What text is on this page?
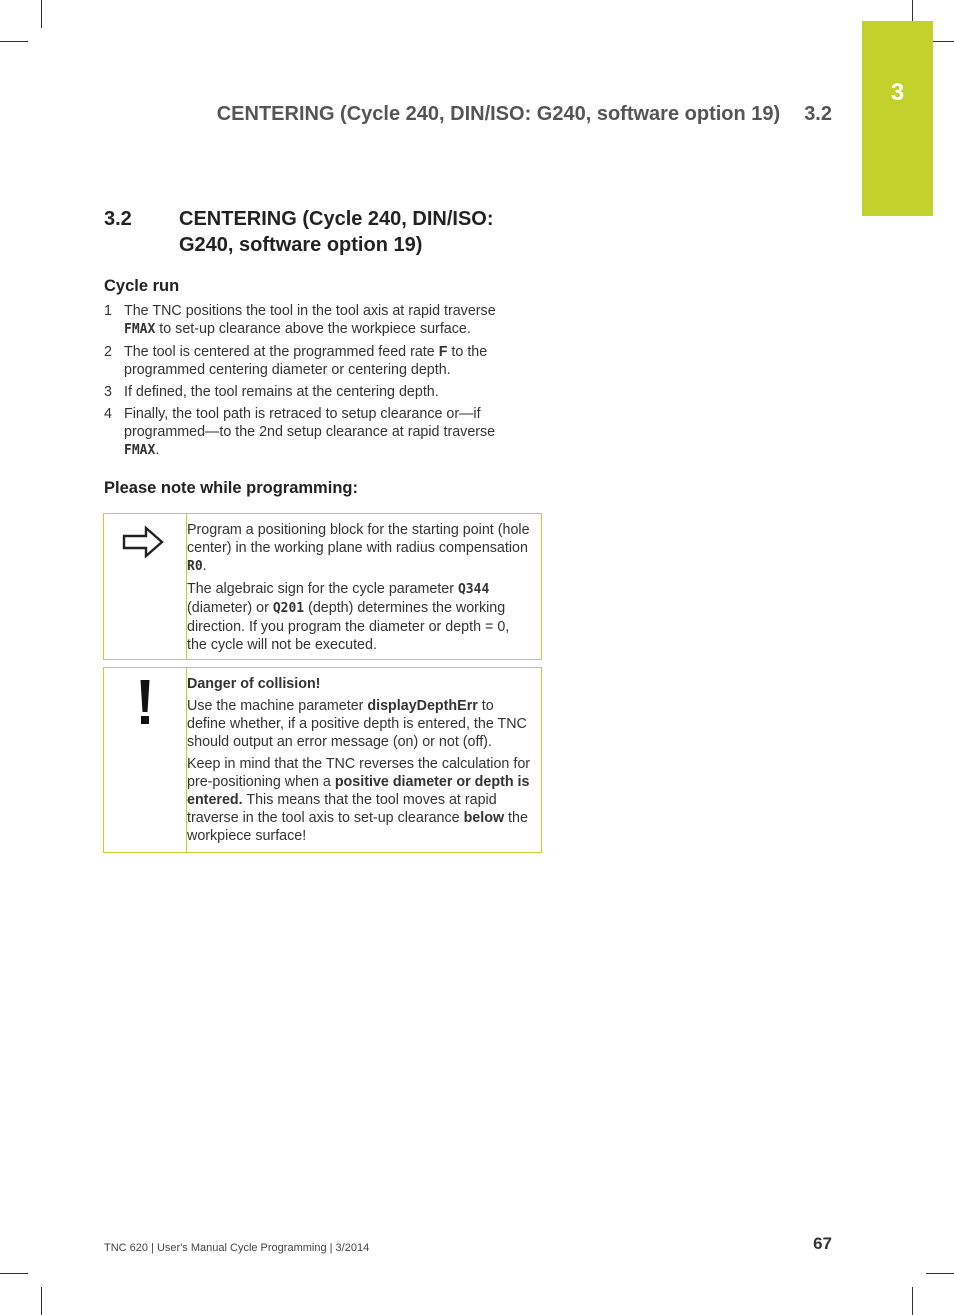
3
CENTERING (Cycle 240, DIN/ISO: G240, software option 19) 3.2
3.2 CENTERING (Cycle 240, DIN/ISO: G240, software option 19)
Cycle run
1 The TNC positions the tool in the tool axis at rapid traverse FMAX to set-up clearance above the workpiece surface.
2 The tool is centered at the programmed feed rate F to the programmed centering diameter or centering depth.
3 If defined, the tool remains at the centering depth.
4 Finally, the tool path is retraced to setup clearance or—if programmed—to the 2nd setup clearance at rapid traverse FMAX.
Please note while programming:

Program a positioning block for the starting point (hole center) in the working plane with radius compensation R0.

The algebraic sign for the cycle parameter Q344 (diameter) or Q201 (depth) determines the working direction. If you program the diameter or depth = 0, the cycle will not be executed.

Danger of collision!

Use the machine parameter displayDepthErr to define whether, if a positive depth is entered, the TNC should output an error message (on) or not (off).

Keep in mind that the TNC reverses the calculation for pre-positioning when a positive diameter or depth is entered. This means that the tool moves at rapid traverse in the tool axis to set-up clearance below the workpiece surface!

TNC 620 | User's Manual Cycle Programming | 3/2014	67
